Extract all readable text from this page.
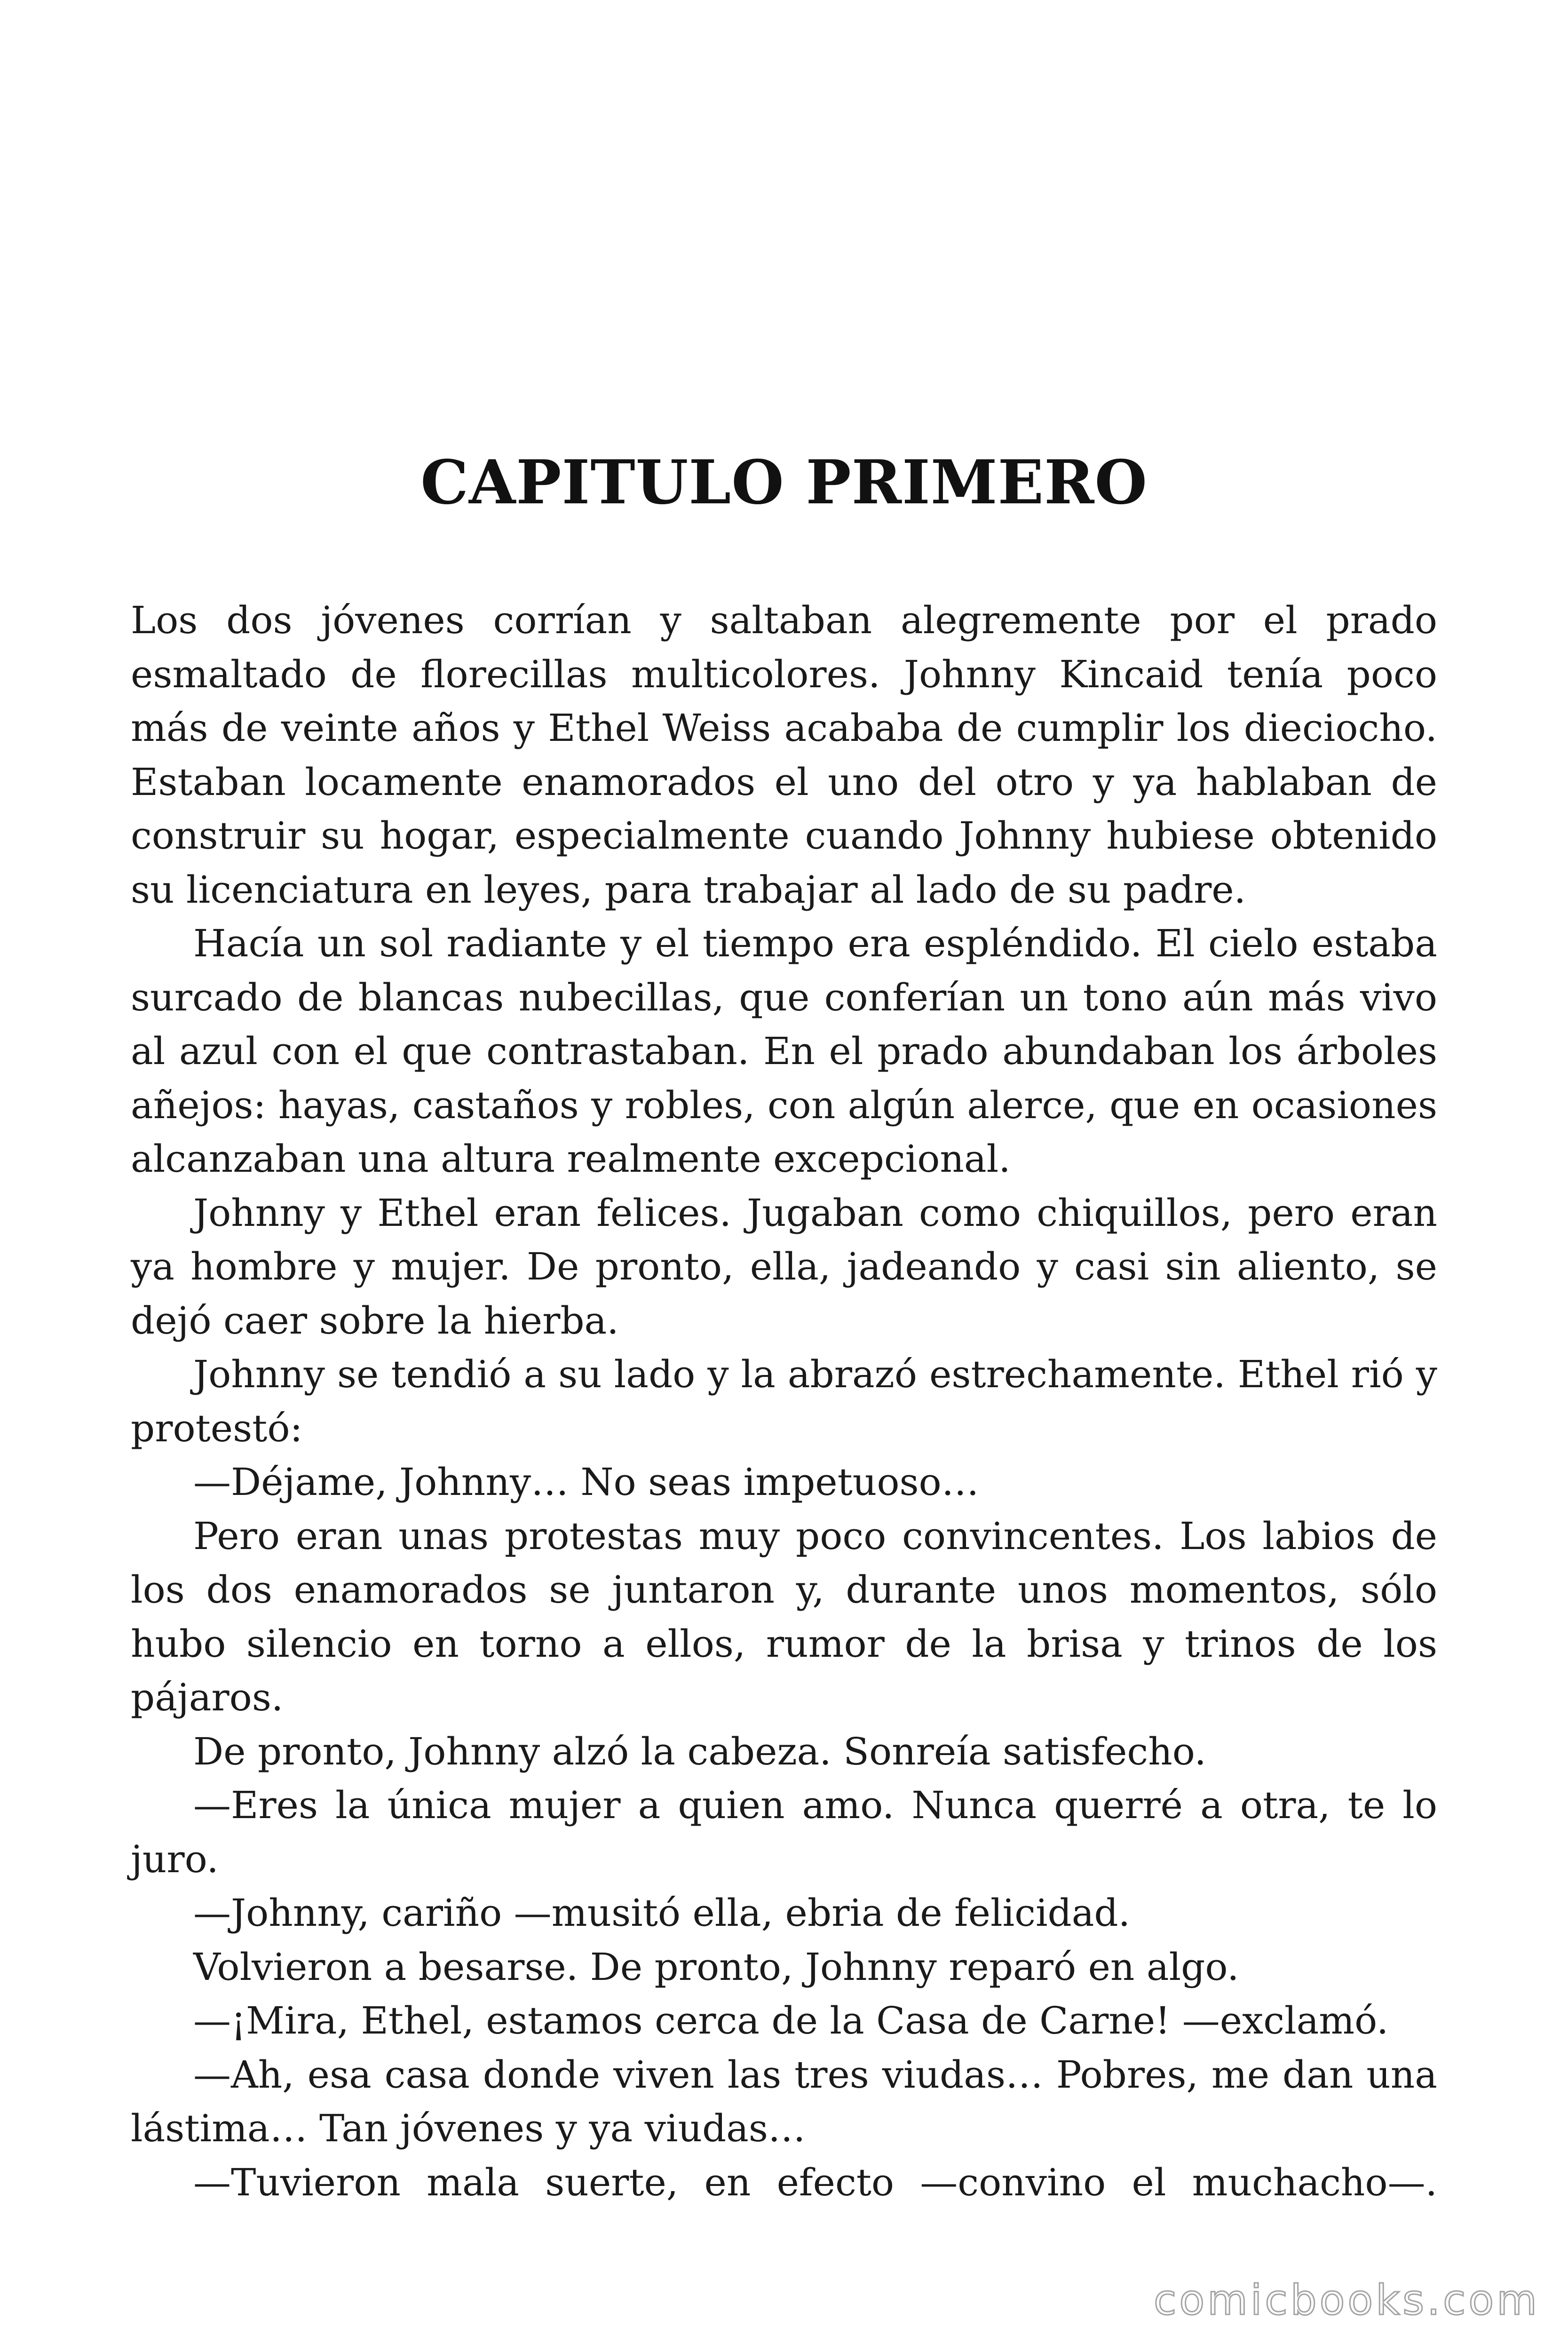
CAPITULO PRIMERO

Los dos jóvenes corrían y saltaban alegremente por el prado esmaltado de florecillas multicolores. Johnny Kincaid tenía poco más de veinte años y Ethel Weiss acababa de cumplir los dieciocho. Estaban locamente enamorados el uno del otro y ya hablaban de construir su hogar, especialmente cuando Johnny hubiese obtenido su licenciatura en leyes, para trabajar al lado de su padre.

Hacía un sol radiante y el tiempo era espléndido. El cielo estaba surcado de blancas nubecillas, que conferían un tono aún más vivo al azul con el que contrastaban. En el prado abundaban los árboles añejos: hayas, castaños y robles, con algún alerce, que en ocasiones alcanzaban una altura realmente excepcional.

Johnny y Ethel eran felices. Jugaban como chiquillos, pero eran ya hombre y mujer. De pronto, ella, jadeando y casi sin aliento, se dejó caer sobre la hierba.

Johnny se tendió a su lado y la abrazó estrechamente. Ethel rió y protestó:

—Déjame, Johnny… No seas impetuoso…

Pero eran unas protestas muy poco convincentes. Los labios de los dos enamorados se juntaron y, durante unos momentos, sólo hubo silencio en torno a ellos, rumor de la brisa y trinos de los pájaros.

De pronto, Johnny alzó la cabeza. Sonreía satisfecho.

—Eres la única mujer a quien amo. Nunca querré a otra, te lo juro.

—Johnny, cariño —musitó ella, ebria de felicidad.

Volvieron a besarse. De pronto, Johnny reparó en algo.

—¡Mira, Ethel, estamos cerca de la Casa de Carne! —exclamó.

—Ah, esa casa donde viven las tres viudas… Pobres, me dan una lástima… Tan jóvenes y ya viudas…

—Tuvieron mala suerte, en efecto —convino el muchacho—.

comicbooks.com
